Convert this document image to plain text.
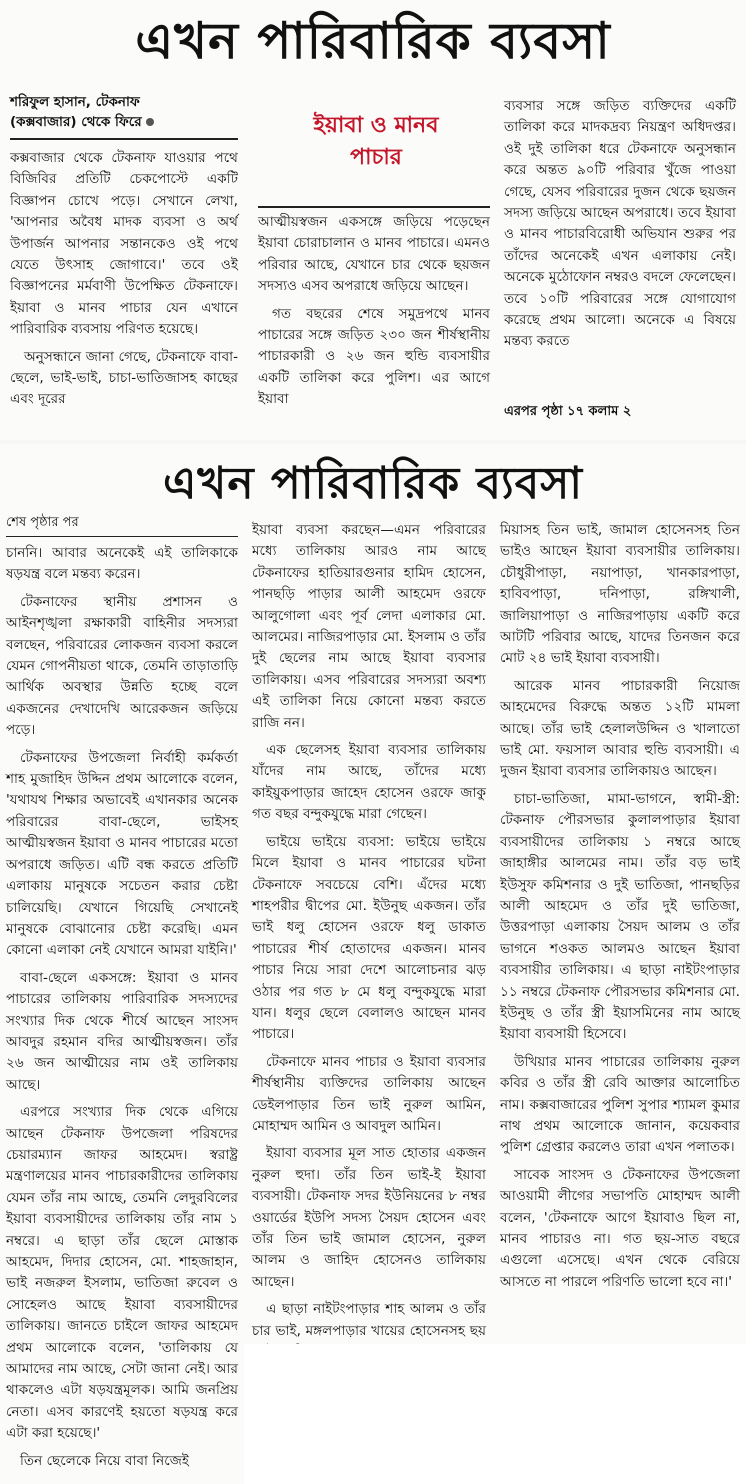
এখন পারিবারিক ব্যবসা
শরিফুল হাসান, টেকনাফ
(কক্সবাজার) থেকে ফিরে

কক্সবাজার থেকে টেকনাফ যাওয়ার পথে বিজিবির প্রতিটি চেকপোস্টে একটি বিজ্ঞাপন চোখে পড়ে। সেখানে লেখা, 'আপনার অবৈধ মাদক ব্যবসা ও অর্থ উপার্জন আপনার সন্তানকেও ওই পথে যেতে উৎসাহ জোগাবে।' তবে ওই বিজ্ঞাপনের মর্মবাণী উপেক্ষিত টেকনাফে। ইয়াবা ও মানব পাচার যেন এখানে পারিবারিক ব্যবসায় পরিণত হয়েছে।

অনুসন্ধানে জানা গেছে, টেকনাফে বাবা-ছেলে, ভাই-ভাই, চাচা-ভাতিজাসহ কাছের এবং দূরের

ইয়াবা ও মানব পাচার

আত্মীয়স্বজন একসঙ্গে জড়িয়ে পড়েছেন ইয়াবা চোরাচালান ও মানব পাচারে। এমনও পরিবার আছে, যেখানে চার থেকে ছয়জন সদস্যও এসব অপরাধে জড়িয়ে আছেন।

গত বছরের শেষে সমুদ্রপথে মানব পাচারের সঙ্গে জড়িত ২৩০ জন শীর্ষস্থানীয় পাচারকারী ও ২৬ জন হুন্ডি ব্যবসায়ীর একটি তালিকা করে পুলিশ। এর আগে ইয়াবা

ব্যবসার সঙ্গে জড়িত ব্যক্তিদের একটি তালিকা করে মাদকদ্রব্য নিয়ন্ত্রণ অধিদপ্তর। ওই দুই তালিকা ধরে টেকনাফে অনুসন্ধান করে অন্তত ৯০টি পরিবার খুঁজে পাওয়া গেছে, যেসব পরিবারের দুজন থেকে ছয়জন সদস্য জড়িয়ে আছেন অপরাধে। তবে ইয়াবা ও মানব পাচারবিরোধী অভিযান শুরুর পর তাঁদের অনেকেই এখন এলাকায় নেই। অনেকে মুঠোফোন নম্বরও বদলে ফেলেছেন। তবে ১০টি পরিবারের সঙ্গে যোগাযোগ করেছে প্রথম আলো। অনেকে এ বিষয়ে মন্তব্য করতে

এরপর পৃষ্ঠা ১৭ কলাম ২
এখন পারিবারিক ব্যবসা
শেষ পৃষ্ঠার পর

চাননি। আবার অনেকেই এই তালিকাকে ষড়যন্ত্র বলে মন্তব্য করেন।

টেকনাফের স্থানীয় প্রশাসন ও আইনশৃঙ্খলা রক্ষাকারী বাহিনীর সদস্যরা বলছেন, পরিবারের লোকজন ব্যবসা করলে যেমন গোপনীয়তা থাকে, তেমনি তাড়াতাড়ি আর্থিক অবস্থার উন্নতি হচ্ছে বলে একজনের দেখাদেখি আরেকজন জড়িয়ে পড়ে।

টেকনাফের উপজেলা নির্বাহী কর্মকর্তা শাহ মুজাহিদ উদ্দিন প্রথম আলোকে বলেন, 'যথাযথ শিক্ষার অভাবেই এখানকার অনেক পরিবারের বাবা-ছেলে, ভাইসহ আত্মীয়স্বজন ইয়াবা ও মানব পাচারের মতো অপরাধে জড়িত। এটি বন্ধ করতে প্রতিটি এলাকায় মানুষকে সচেতন করার চেষ্টা চালিয়েছি। যেখানে গিয়েছি সেখানেই মানুষকে বোঝানোর চেষ্টা করেছি। এমন কোনো এলাকা নেই যেখানে আমরা যাইনি।'

বাবা-ছেলে একসঙ্গে: ইয়াবা ও মানব পাচারের তালিকায় পারিবারিক সদস্যদের সংখ্যার দিক থেকে শীর্ষে আছেন সাংসদ আবদুর রহমান বদির আত্মীয়স্বজন। তাঁর ২৬ জন আত্মীয়ের নাম ওই তালিকায় আছে।

এরপরে সংখ্যার দিক থেকে এগিয়ে আছেন টেকনাফ উপজেলা পরিষদের চেয়ারম্যান জাফর আহমেদ। স্বরাষ্ট্র মন্ত্রণালয়ের মানব পাচারকারীদের তালিকায় যেমন তাঁর নাম আছে, তেমনি লেদুরবিলের ইয়াবা ব্যবসায়ীদের তালিকায় তাঁর নাম ১ নম্বরে। এ ছাড়া তাঁর ছেলে মোস্তাক আহমেদ, দিদার হোসেন, মো. শাহজাহান, ভাই নজরুল ইসলাম, ভাতিজা রুবেল ও সোহেলও আছে ইয়াবা ব্যবসায়ীদের তালিকায়। জানতে চাইলে জাফর আহমেদ প্রথম আলোকে বলেন, 'তালিকায় যে আমাদের নাম আছে, সেটা জানা নেই। আর থাকলেও এটা ষড়যন্ত্রমূলক। আমি জনপ্রিয় নেতা। এসব কারণেই হয়তো ষড়যন্ত্র করে এটা করা হয়েছে।'

তিন ছেলেকে নিয়ে বাবা নিজেই

ইয়াবা ব্যবসা করছেন—এমন পরিবারের মধ্যে তালিকায় আরও নাম আছে টেকনাফের হাতিয়ারগুনার হামিদ হোসেন, পানছড়ি পাড়ার আলী আহমেদ ওরফে আলুগোলা এবং পূর্ব লেদা এলাকার মো. আলমের। নাজিরপাড়ার মো. ইসলাম ও তাঁর দুই ছেলের নাম আছে ইয়াবা ব্যবসার তালিকায়। এসব পরিবারের সদস্যরা অবশ্য এই তালিকা নিয়ে কোনো মন্তব্য করতে রাজি নন।

এক ছেলেসহ ইয়াবা ব্যবসার তালিকায় যাঁদের নাম আছে, তাঁদের মধ্যে কাইয়ুকপাড়ার জাহেদ হোসেন ওরফে জাকু গত বছর বন্দুকযুদ্ধে মারা গেছেন।

ভাইয়ে ভাইয়ে ব্যবসা: ভাইয়ে ভাইয়ে মিলে ইয়াবা ও মানব পাচারের ঘটনা টেকনাফে সবচেয়ে বেশি। এঁদের মধ্যে শাহপরীর দ্বীপের মো. ইউনুছ একজন। তাঁর ভাই ধলু হোসেন ওরফে ধলু ডাকাত পাচারের শীর্ষ হোতাদের একজন। মানব পাচার নিয়ে সারা দেশে আলোচনার ঝড় ওঠার পর গত ৮ মে ধলু বন্দুকযুদ্ধে মারা যান। ধলুর ছেলে বেলালও আছেন মানব পাচারে।

টেকনাফে মানব পাচার ও ইয়াবা ব্যবসার শীর্ষস্থানীয় ব্যক্তিদের তালিকায় আছেন ডেইলপাড়ার তিন ভাই নুরুল আমিন, মোহাম্মদ আমিন ও আবদুল আমিন।

ইয়াবা ব্যবসার মূল সাত হোতার একজন নুরুল হুদা। তাঁর তিন ভাই-ই ইয়াবা ব্যবসায়ী। টেকনাফ সদর ইউনিয়নের ৮ নম্বর ওয়ার্ডের ইউপি সদস্য সৈয়দ হোসেন এবং তাঁর তিন ভাই জামাল হোসেন, নুরুল আলম ও জাহিদ হোসেনও তালিকায় আছেন।

এ ছাড়া নাইটংপাড়ার শাহ আলম ও তাঁর চার ভাই, মঙ্গলপাড়ার খায়ের হোসেনসহ ছয়

মিয়াসহ তিন ভাই, জামাল হোসেনসহ তিন ভাইও আছেন ইয়াবা ব্যবসায়ীর তালিকায়। চৌধুরীপাড়া, নয়াপাড়া, খানকারপাড়া, হাবিবপাড়া, দনিপাড়া, রঙ্গিখালী, জালিয়াপাড়া ও নাজিরপাড়ায় একটি করে আটটি পরিবার আছে, যাদের তিনজন করে মোট ২৪ ভাই ইয়াবা ব্যবসায়ী।

আরেক মানব পাচারকারী নিয়োজ আহমেদের বিরুদ্ধে অন্তত ১২টি মামলা আছে। তাঁর ভাই হেলালউদ্দিন ও খালাতো ভাই মো. ফয়সাল আবার হুন্ডি ব্যবসায়ী। এ দুজন ইয়াবা ব্যবসার তালিকায়ও আছেন।

চাচা-ভাতিজা, মামা-ভাগনে, স্বামী-স্ত্রী: টেকনাফ পৌরসভার কুলালপাড়ার ইয়াবা ব্যবসায়ীদের তালিকায় ১ নম্বরে আছে জাহাঙ্গীর আলমের নাম। তাঁর বড় ভাই ইউসুফ কমিশনার ও দুই ভাতিজা, পানছড়ির আলী আহমেদ ও তাঁর দুই ভাতিজা, উত্তরপাড়া এলাকায় সৈয়দ আলম ও তাঁর ভাগনে শওকত আলমও আছেন ইয়াবা ব্যবসায়ীর তালিকায়। এ ছাড়া নাইটংপাড়ার ১১ নম্বরে টেকনাফ পৌরসভার কমিশনার মো. ইউনুছ ও তাঁর স্ত্রী ইয়াসমিনের নাম আছে ইয়াবা ব্যবসায়ী হিসেবে।

উখিয়ার মানব পাচারের তালিকায় নুরুল কবির ও তাঁর স্ত্রী রেবি আক্তার আলোচিত নাম। কক্সবাজারের পুলিশ সুপার শ্যামল কুমার নাথ প্রথম আলোকে জানান, কয়েকবার পুলিশ গ্রেপ্তার করলেও তারা এখন পলাতক।

সাবেক সাংসদ ও টেকনাফের উপজেলা আওয়ামী লীগের সভাপতি মোহাম্মদ আলী বলেন, 'টেকনাফে আগে ইয়াবাও ছিল না, মানব পাচারও না। গত ছয়-সাত বছরে এগুলো এসেছে। এখন থেকে বেরিয়ে আসতে না পারলে পরিণতি ভালো হবে না।'
